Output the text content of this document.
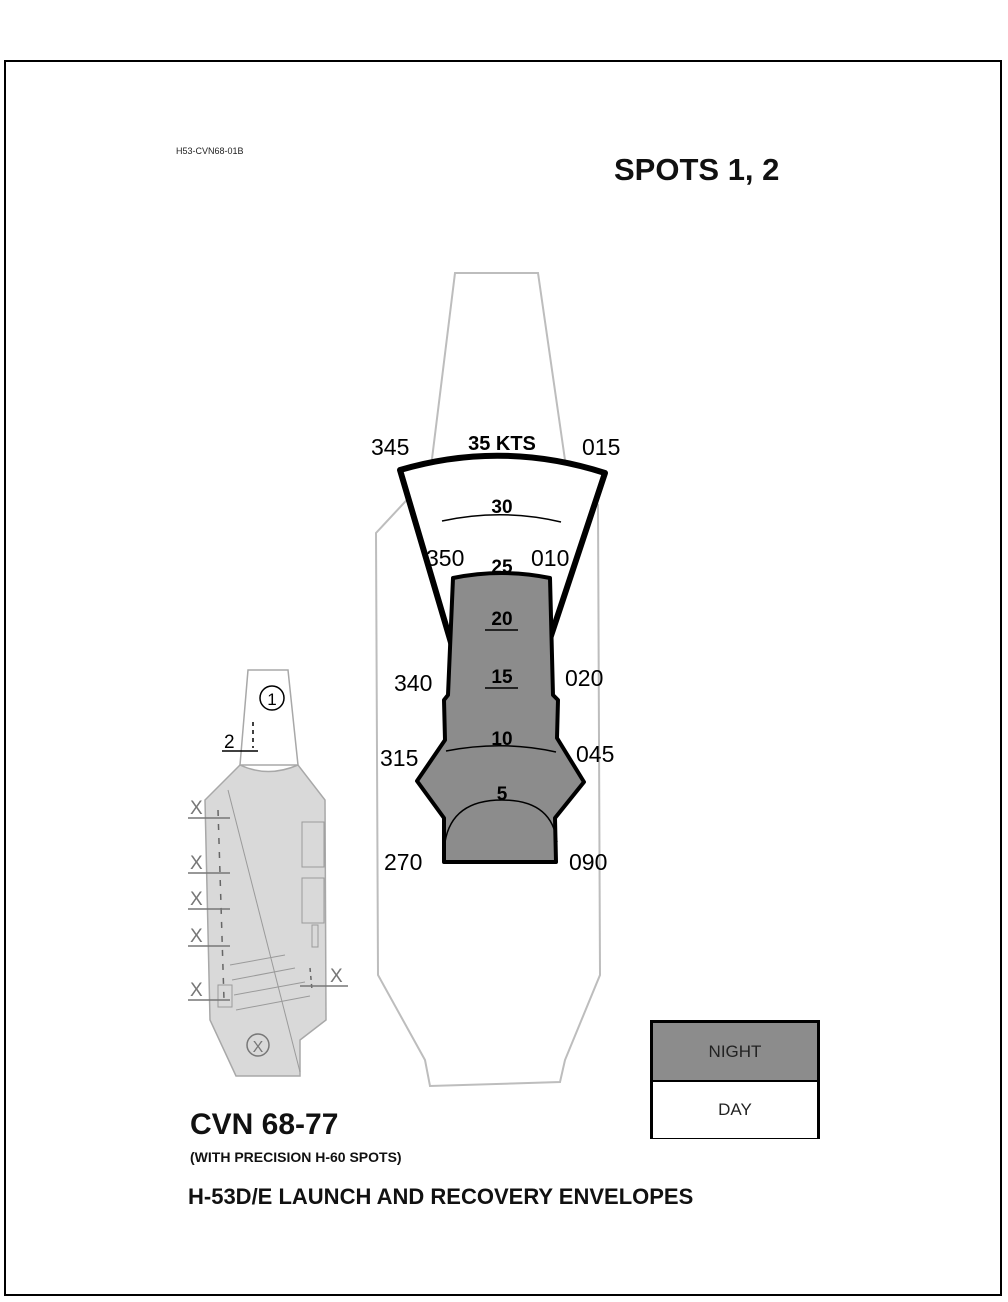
H53-CVN68-01B
SPOTS 1, 2
345	015
350	010
340	020
315	045
270	090
35 KTS
30
25
20
15
10
5
1
2
X
X
X
X
X
X
X
NIGHT
DAY
CVN 68-77
(WITH PRECISION H-60 SPOTS)
H-53D/E LAUNCH AND RECOVERY ENVELOPES
